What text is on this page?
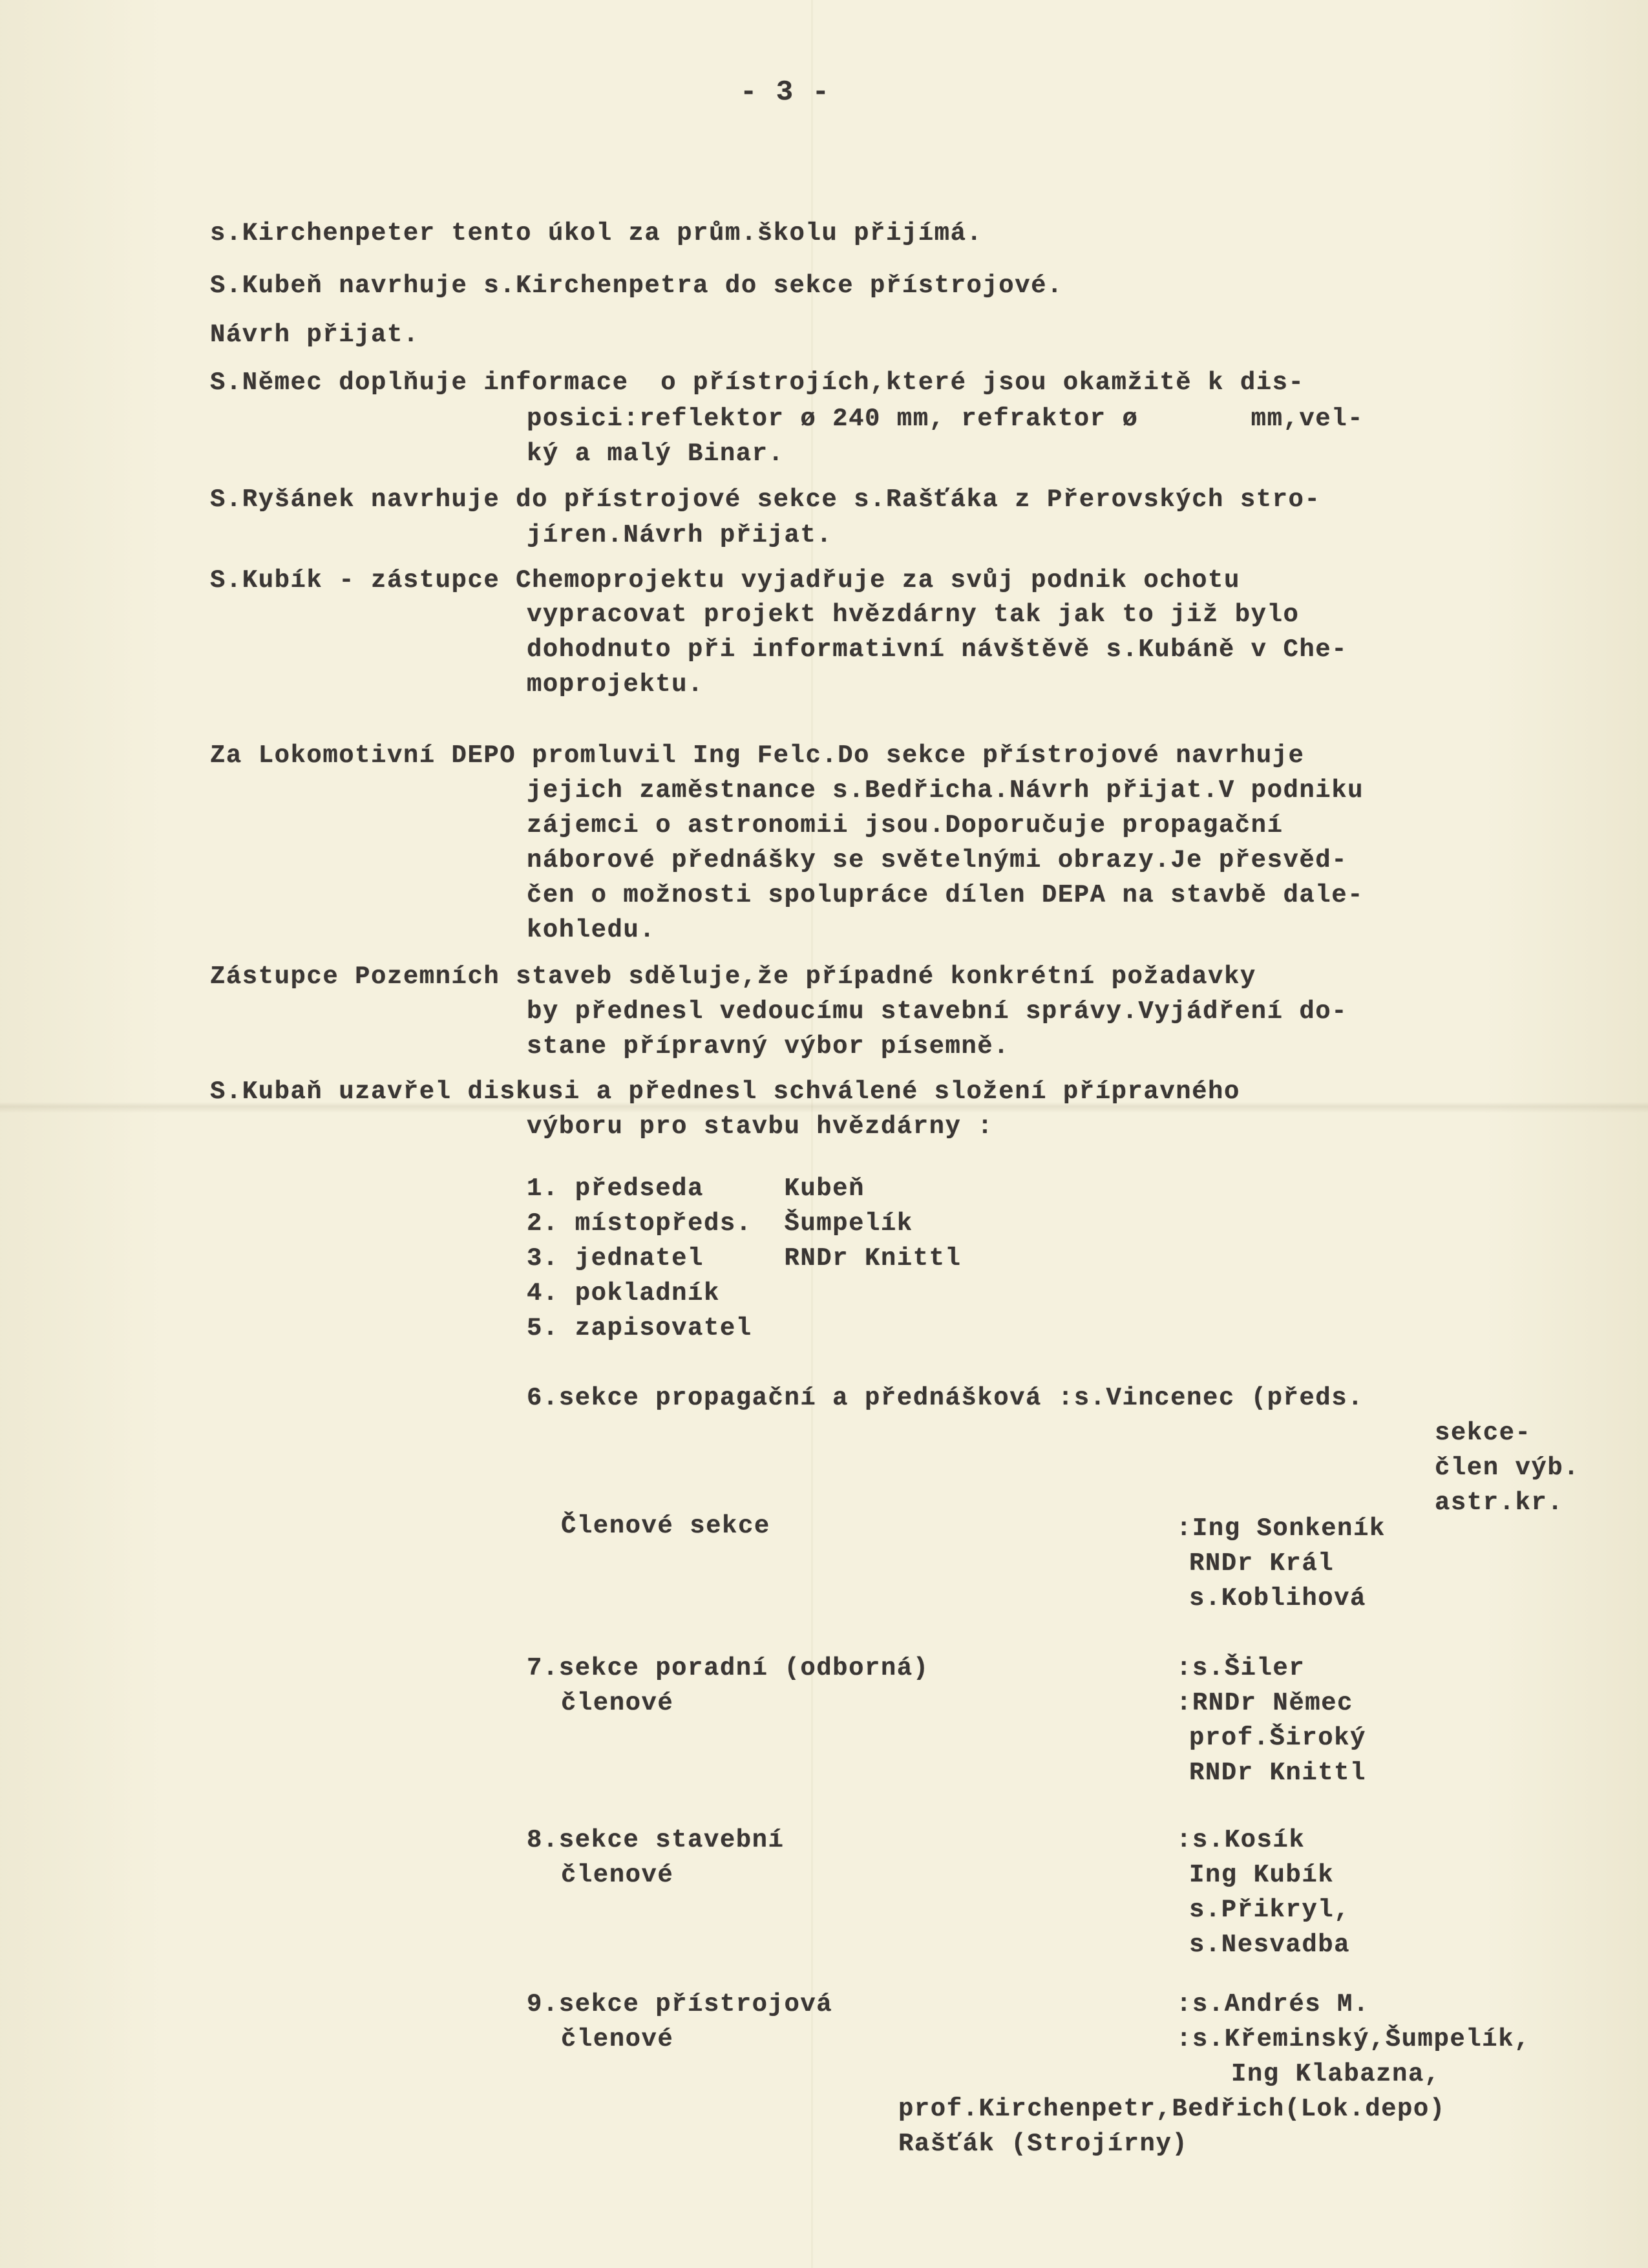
- 3 -
s.Kirchenpeter tento úkol za prům.školu přijímá.
S.Kubeň navrhuje s.Kirchenpetra do sekce přístrojové.
Návrh přijat.
S.Němec doplňuje informace  o přístrojích,které jsou okamžitě k dis-
posici:reflektor ø 240 mm, refraktor ø       mm,vel-
ký a malý Binar.
S.Ryšánek navrhuje do přístrojové sekce s.Rašťáka z Přerovských stro-
jíren.Návrh přijat.
S.Kubík - zástupce Chemoprojektu vyjadřuje za svůj podnik ochotu
vypracovat projekt hvězdárny tak jak to již bylo
dohodnuto při informativní návštěvě s.Kubáně v Che-
moprojektu.
Za Lokomotivní DEPO promluvil Ing Felc.Do sekce přístrojové navrhuje
jejich zaměstnance s.Bedřicha.Návrh přijat.V podniku
zájemci o astronomii jsou.Doporučuje propagační
náborové přednášky se světelnými obrazy.Je přesvěd-
čen o možnosti spolupráce dílen DEPA na stavbě dale-
kohledu.
Zástupce Pozemních staveb sděluje,že případné konkrétní požadavky
by přednesl vedoucímu stavební správy.Vyjádření do-
stane přípravný výbor písemně.
S.Kubaň uzavřel diskusi a přednesl schválené složení přípravného
výboru pro stavbu hvězdárny :
1. předseda     Kubeň
2. místopředs.  Šumpelík
3. jednatel     RNDr Knittl
4. pokladník
5. zapisovatel
6.sekce propagační a přednášková :s.Vincenec (předs.
sekce-
člen výb.
astr.kr.
Členové sekce	:Ing Sonkeník
RNDr Král
s.Koblihová
7.sekce poradní (odborná)
členové
:s.Šiler
:RNDr Němec
prof.Široký
RNDr Knittl
8.sekce stavební
členové
:s.Kosík
Ing Kubík
s.Přikryl,
s.Nesvadba
9.sekce přístrojová
členové
:s.Andrés M.
:s.Křeminský,Šumpelík,
Ing Klabazna,
prof.Kirchenpetr,Bedřich(Lok.depo)
Rašťák (Strojírny)
